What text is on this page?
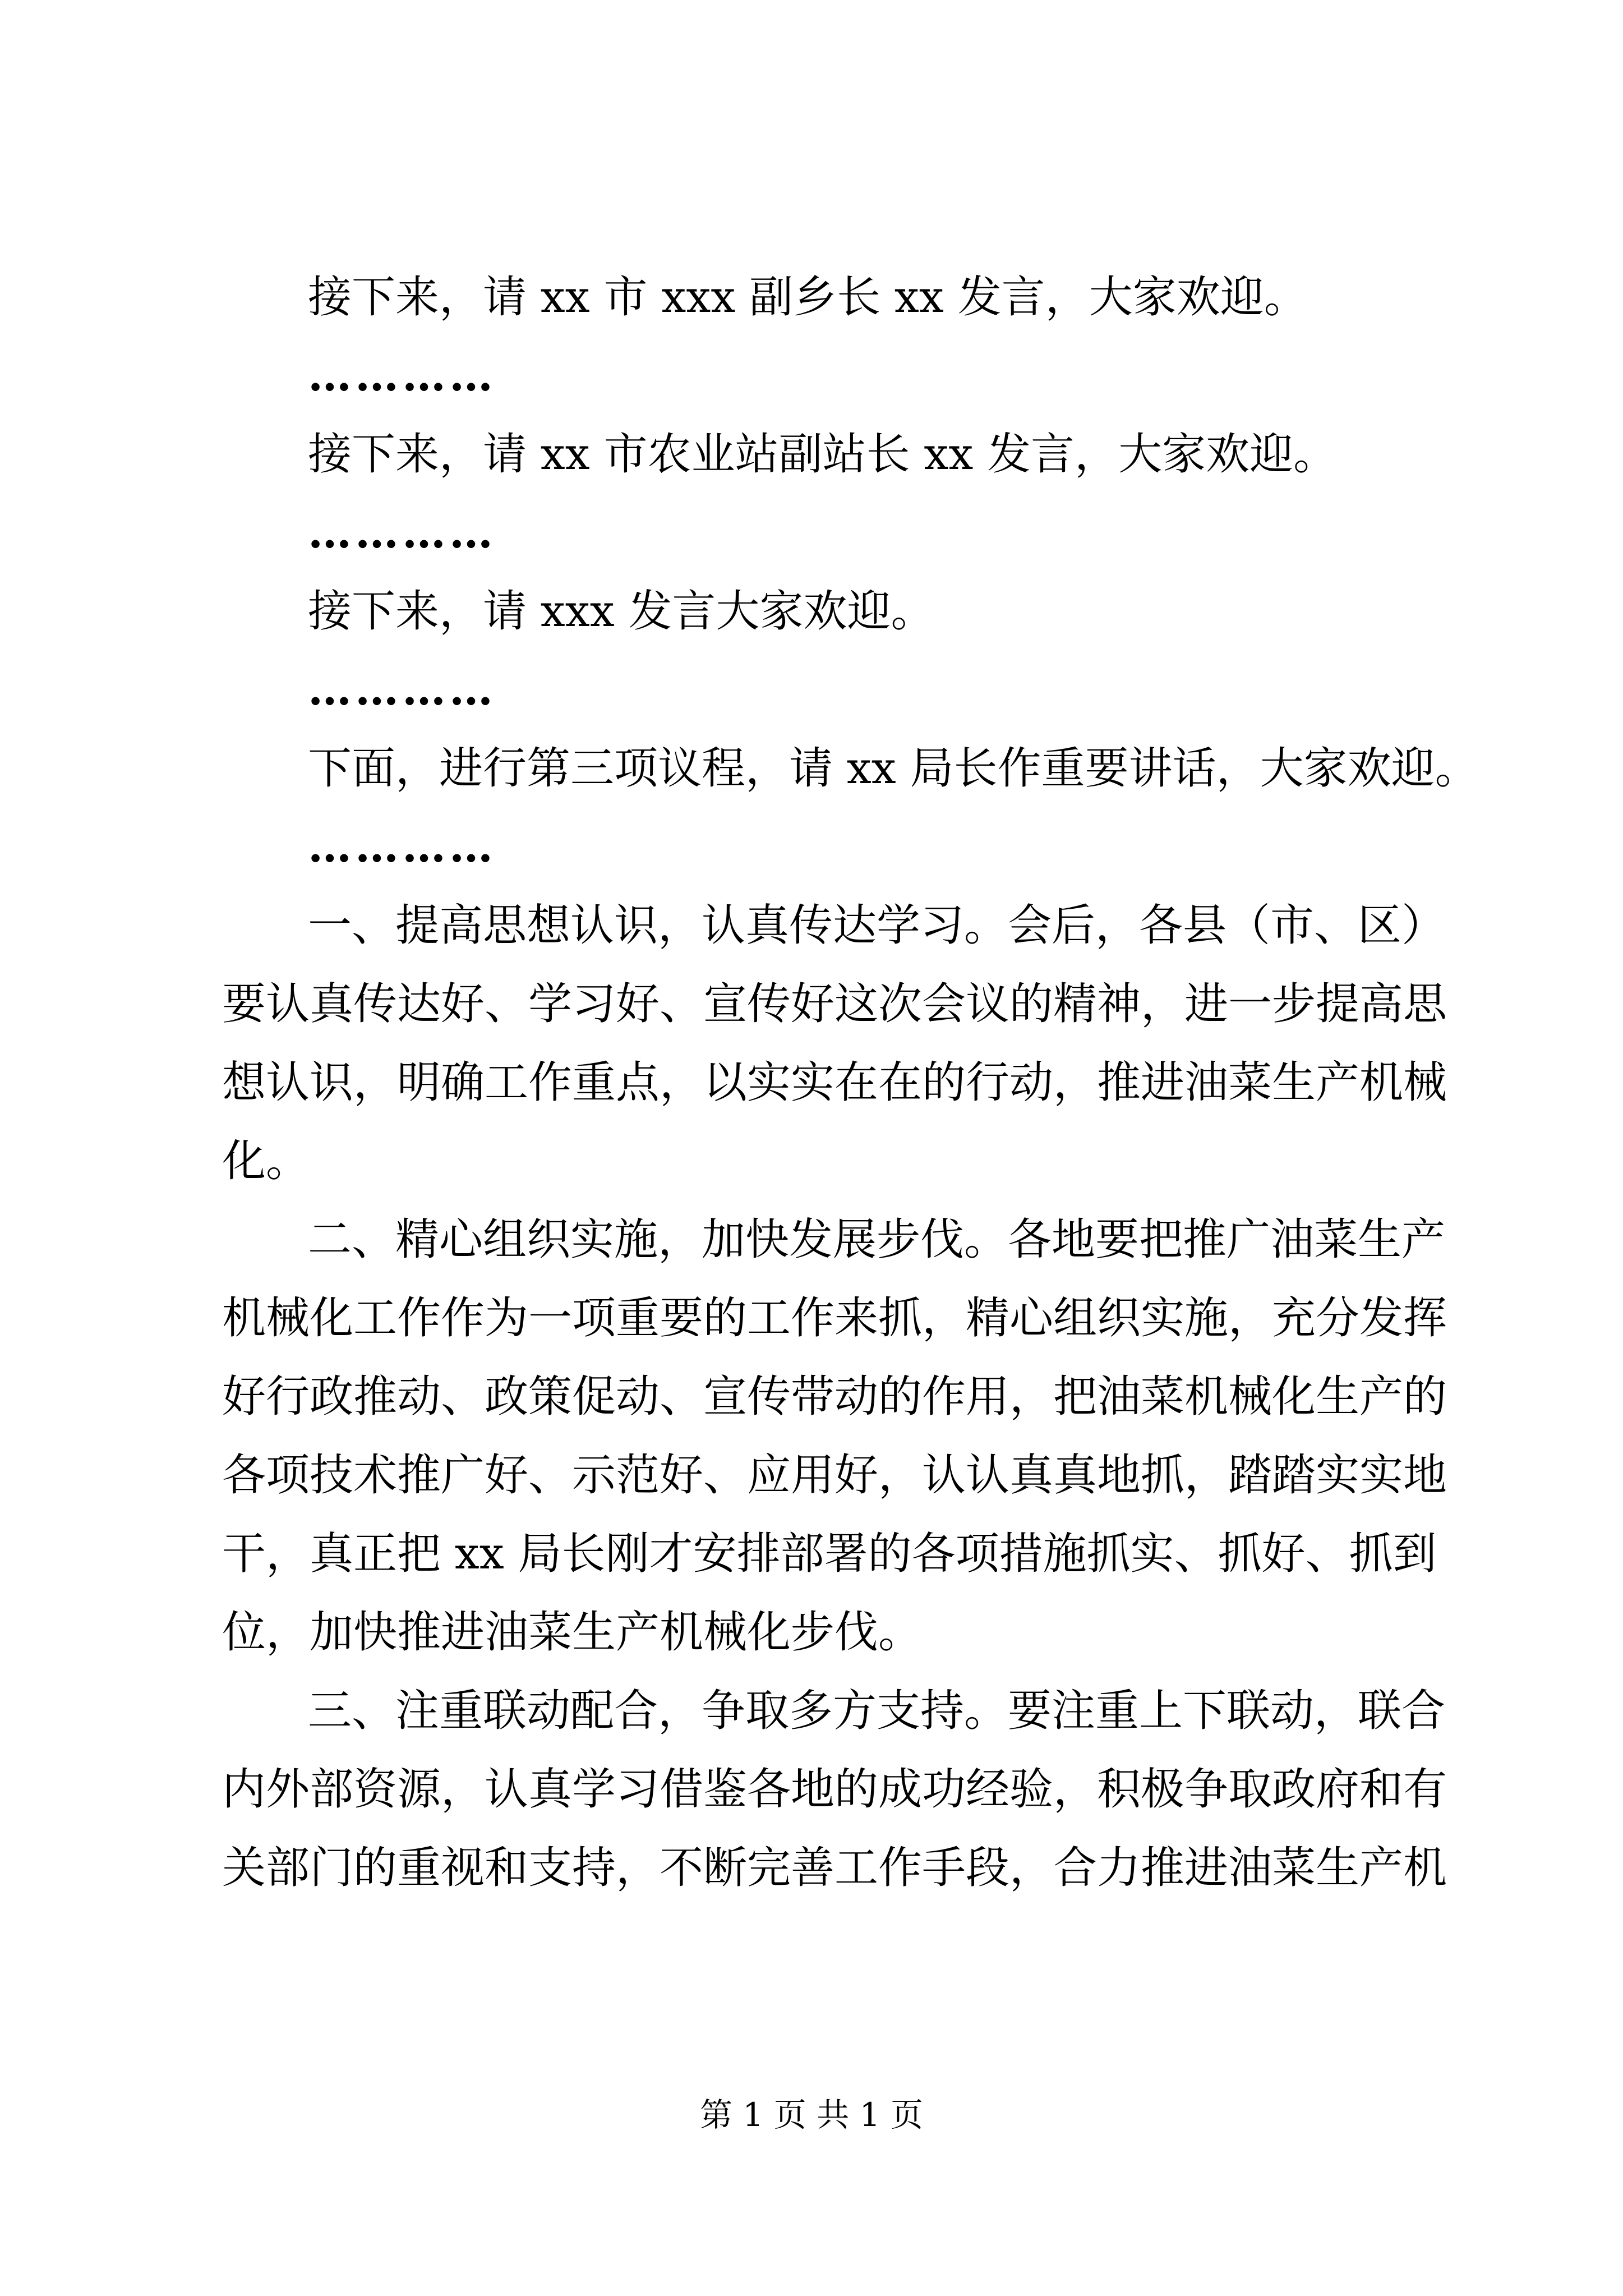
接下来，请 xx 市 xxx 副乡长 xx 发言，大家欢迎。
…………
接下来，请 xx 市农业站副站长 xx 发言，大家欢迎。
…………
接下来，请 xxx 发言大家欢迎。
…………
下面，进行第三项议程，请 xx 局长作重要讲话，大家欢迎。
…………
一、提高思想认识，认真传达学习。会后，各县（市、区）
要认真传达好、学习好、宣传好这次会议的精神，进一步提高思
想认识，明确工作重点，以实实在在的行动，推进油菜生产机械
化。
二、精心组织实施，加快发展步伐。各地要把推广油菜生产
机械化工作作为一项重要的工作来抓，精心组织实施，充分发挥
好行政推动、政策促动、宣传带动的作用，把油菜机械化生产的
各项技术推广好、示范好、应用好，认认真真地抓，踏踏实实地
干，真正把 xx 局长刚才安排部署的各项措施抓实、抓好、抓到
位，加快推进油菜生产机械化步伐。
三、注重联动配合，争取多方支持。要注重上下联动，联合
内外部资源，认真学习借鉴各地的成功经验，积极争取政府和有
关部门的重视和支持，不断完善工作手段，合力推进油菜生产机
第 1 页 共 1 页
